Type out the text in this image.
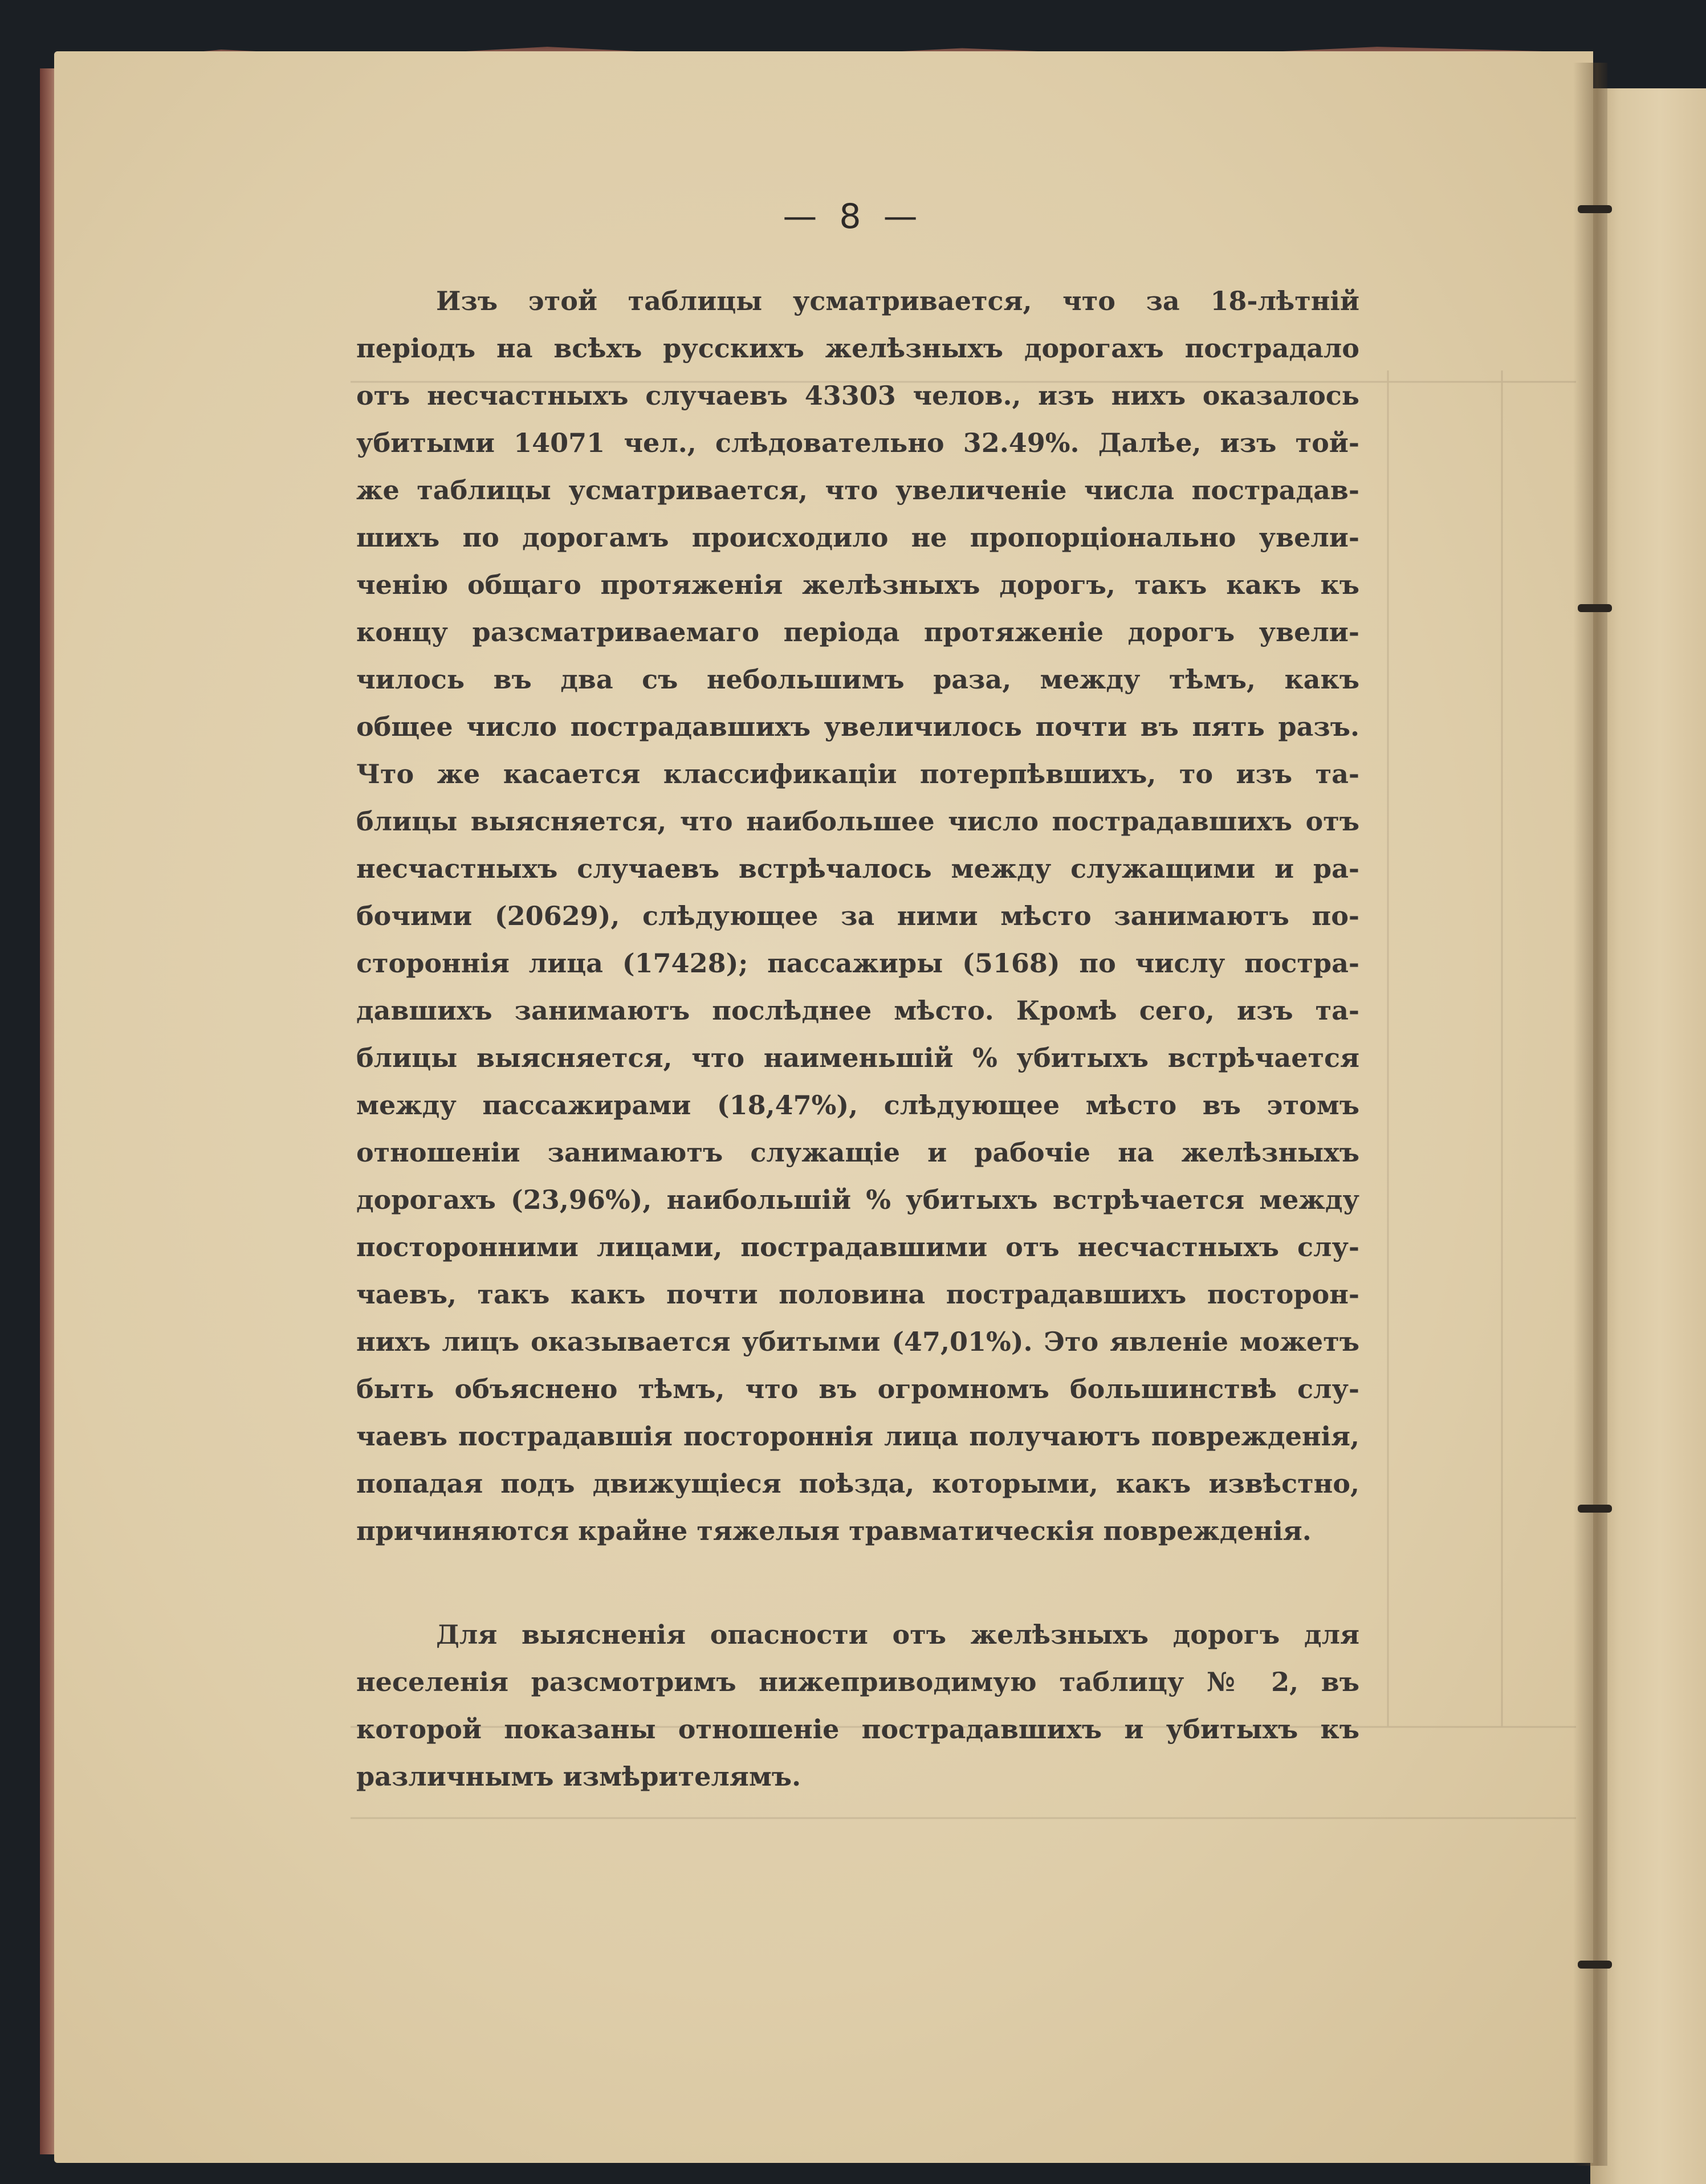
— 8 —
Изъ этой таблицы усматривается, что за 18-лѣтній
періодъ на всѣхъ русскихъ желѣзныхъ дорогахъ пострадало
отъ несчастныхъ случаевъ 43303 челов., изъ нихъ оказалось
убитыми 14071 чел., слѣдовательно 32.49%. Далѣе, изъ той-
же таблицы усматривается, что увеличеніе числа пострадав-
шихъ по дорогамъ происходило не пропорціонально увели-
ченію общаго протяженія желѣзныхъ дорогъ, такъ какъ къ
концу разсматриваемаго періода протяженіе дорогъ увели-
чилось въ два съ небольшимъ раза, между тѣмъ, какъ
общее число пострадавшихъ увеличилось почти въ пять разъ.
Что же касается классификаціи потерпѣвшихъ, то изъ та-
блицы выясняется, что наибольшее число пострадавшихъ отъ
несчастныхъ случаевъ встрѣчалось между служащими и ра-
бочими (20629), слѣдующее за ними мѣсто занимаютъ по-
стороннія лица (17428); пассажиры (5168) по числу постра-
давшихъ занимаютъ послѣднее мѣсто. Кромѣ сего, изъ та-
блицы выясняется, что наименьшій % убитыхъ встрѣчается
между пассажирами (18,47%), слѣдующее мѣсто въ этомъ
отношеніи занимаютъ служащіе и рабочіе на желѣзныхъ
дорогахъ (23,96%), наибольшій % убитыхъ встрѣчается между
посторонними лицами, пострадавшими отъ несчастныхъ слу-
чаевъ, такъ какъ почти половина пострадавшихъ посторон-
нихъ лицъ оказывается убитыми (47,01%). Это явленіе можетъ
быть объяснено тѣмъ, что въ огромномъ большинствѣ слу-
чаевъ пострадавшія постороннія лица получаютъ поврежденія,
попадая подъ движущіеся поѣзда, которыми, какъ извѣстно,
причиняются крайне тяжелыя травматическія поврежденія.
Для выясненія опасности отъ желѣзныхъ дорогъ для
неселенія разсмотримъ нижеприводимую таблицу № 2, въ
которой показаны отношеніе пострадавшихъ и убитыхъ къ
различнымъ измѣрителямъ.
